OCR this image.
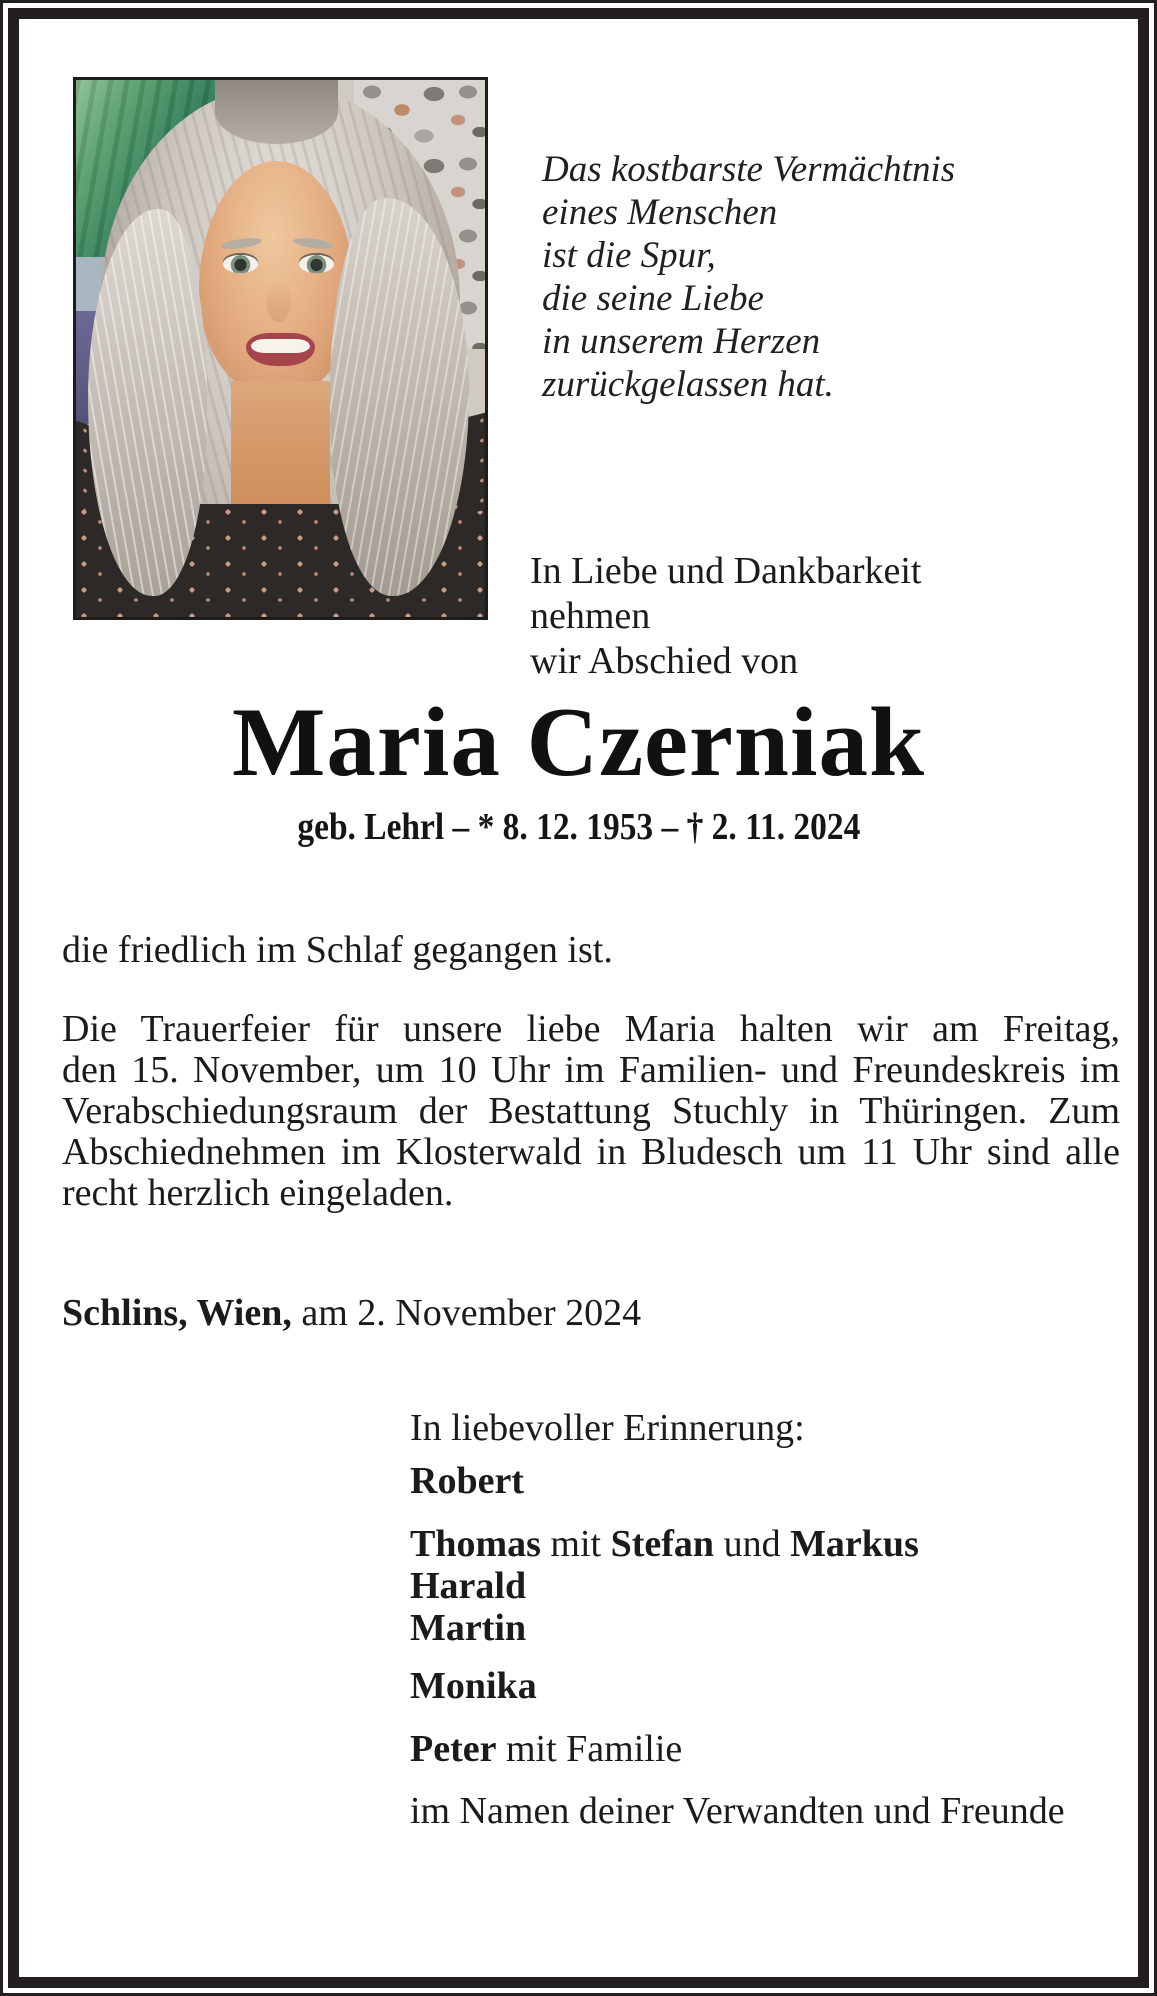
Das kostbarste Vermächtnis
eines Menschen
ist die Spur,
die seine Liebe
in unserem Herzen
zurückgelassen hat.
In Liebe und Dankbarkeit nehmen
wir Abschied von
Maria Czerniak
geb. Lehrl – * 8. 12. 1953 – † 2. 11. 2024
die friedlich im Schlaf gegangen ist.
Die Trauerfeier für unsere liebe Maria halten wir am Freitag,
den 15. November, um 10 Uhr im Familien- und Freundeskreis im
Verabschiedungsraum der Bestattung Stuchly in Thüringen. Zum
Abschiednehmen im Klosterwald in Bludesch um 11 Uhr sind alle
recht herzlich eingeladen.
Schlins, Wien, am 2. November 2024
In liebevoller Erinnerung:
Robert
Thomas mit Stefan und Markus
Harald
Martin
Monika
Peter mit Familie
im Namen deiner Verwandten und Freunde
